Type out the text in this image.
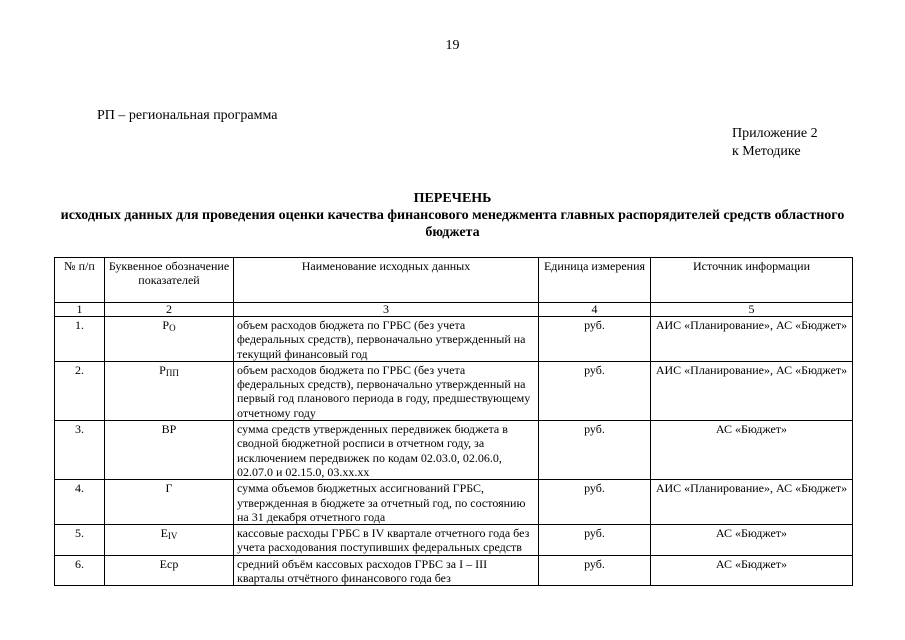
19
РП – региональная программа
Приложение 2
к Методике
ПЕРЕЧЕНЬ
исходных данных для проведения оценки качества финансового менеджмента главных распорядителей средств областного бюджета
№ п/п	Буквенное обозначение показателей	Наименование исходных данных	Единица измерения	Источник информации
1	2	3	4	5
1.	$P_O$	объем расходов бюджета по ГРБС (без учета федеральных средств), первоначально утвержденный на текущий финансовый год	руб.	АИС «Планирование», АС «Бюджет»
2.	$P_{ПП}$	объем расходов бюджета по ГРБС (без учета федеральных средств), первоначально утвержденный на первый год планового периода в году, предшествующему отчетному году	руб.	АИС «Планирование», АС «Бюджет»
3.	ВР	сумма средств утвержденных передвижек бюджета в сводной бюджетной росписи в отчетном году, за исключением передвижек по кодам 02.03.0, 02.06.0, 02.07.0 и 02.15.0, 03.xx.xx	руб.	АС «Бюджет»
4.	Г	сумма объемов бюджетных ассигнований ГРБС, утвержденная в бюджете за отчетный год, по состоянию на 31 декабря отчетного года	руб.	АИС «Планирование», АС «Бюджет»
5.	$E_{IV}$	кассовые расходы ГРБС в IV квартале отчетного года без учета расходования поступивших федеральных средств	руб.	АС «Бюджет»
6.	Eср	средний объём кассовых расходов ГРБС за I – III кварталы отчётного финансового года без	руб.	АС «Бюджет»
